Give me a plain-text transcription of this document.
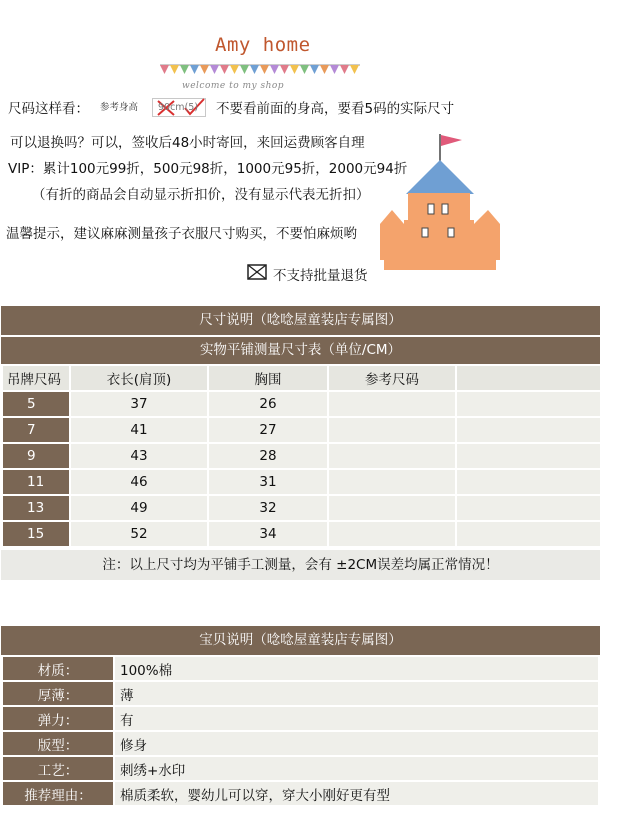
Amy home
welcome to my shop
尺码这样看： 参考身高 90cm(5) 不要看前面的身高，要看5码的实际尺寸
可以退换吗？可以，签收后48小时寄回，来回运费顾客自理
VIP：累计100元99折，500元98折，1000元95折，2000元94折
（有折的商品会自动显示折扣价，没有显示代表无折扣）
温馨提示，建议麻麻测量孩子衣服尺寸购买，不要怕麻烦哟
不支持批量退货
尺寸说明（唸唸屋童装店专属图）
实物平铺测量尺寸表（单位/CM）
吊牌尺码	衣长(肩顶)	胸围	参考尺码	
5	37	26		
7	41	27		
9	43	28		
11	46	31		
13	49	32		
15	52	34		
注：以上尺寸均为平铺手工测量，会有 ±2CM误差均属正常情况！
宝贝说明（唸唸屋童装店专属图）
材质：	100%棉
厚薄：	薄
弹力：	有
版型：	修身
工艺：	刺绣+水印
推荐理由：	棉质柔软，婴幼儿可以穿，穿大小刚好更有型
